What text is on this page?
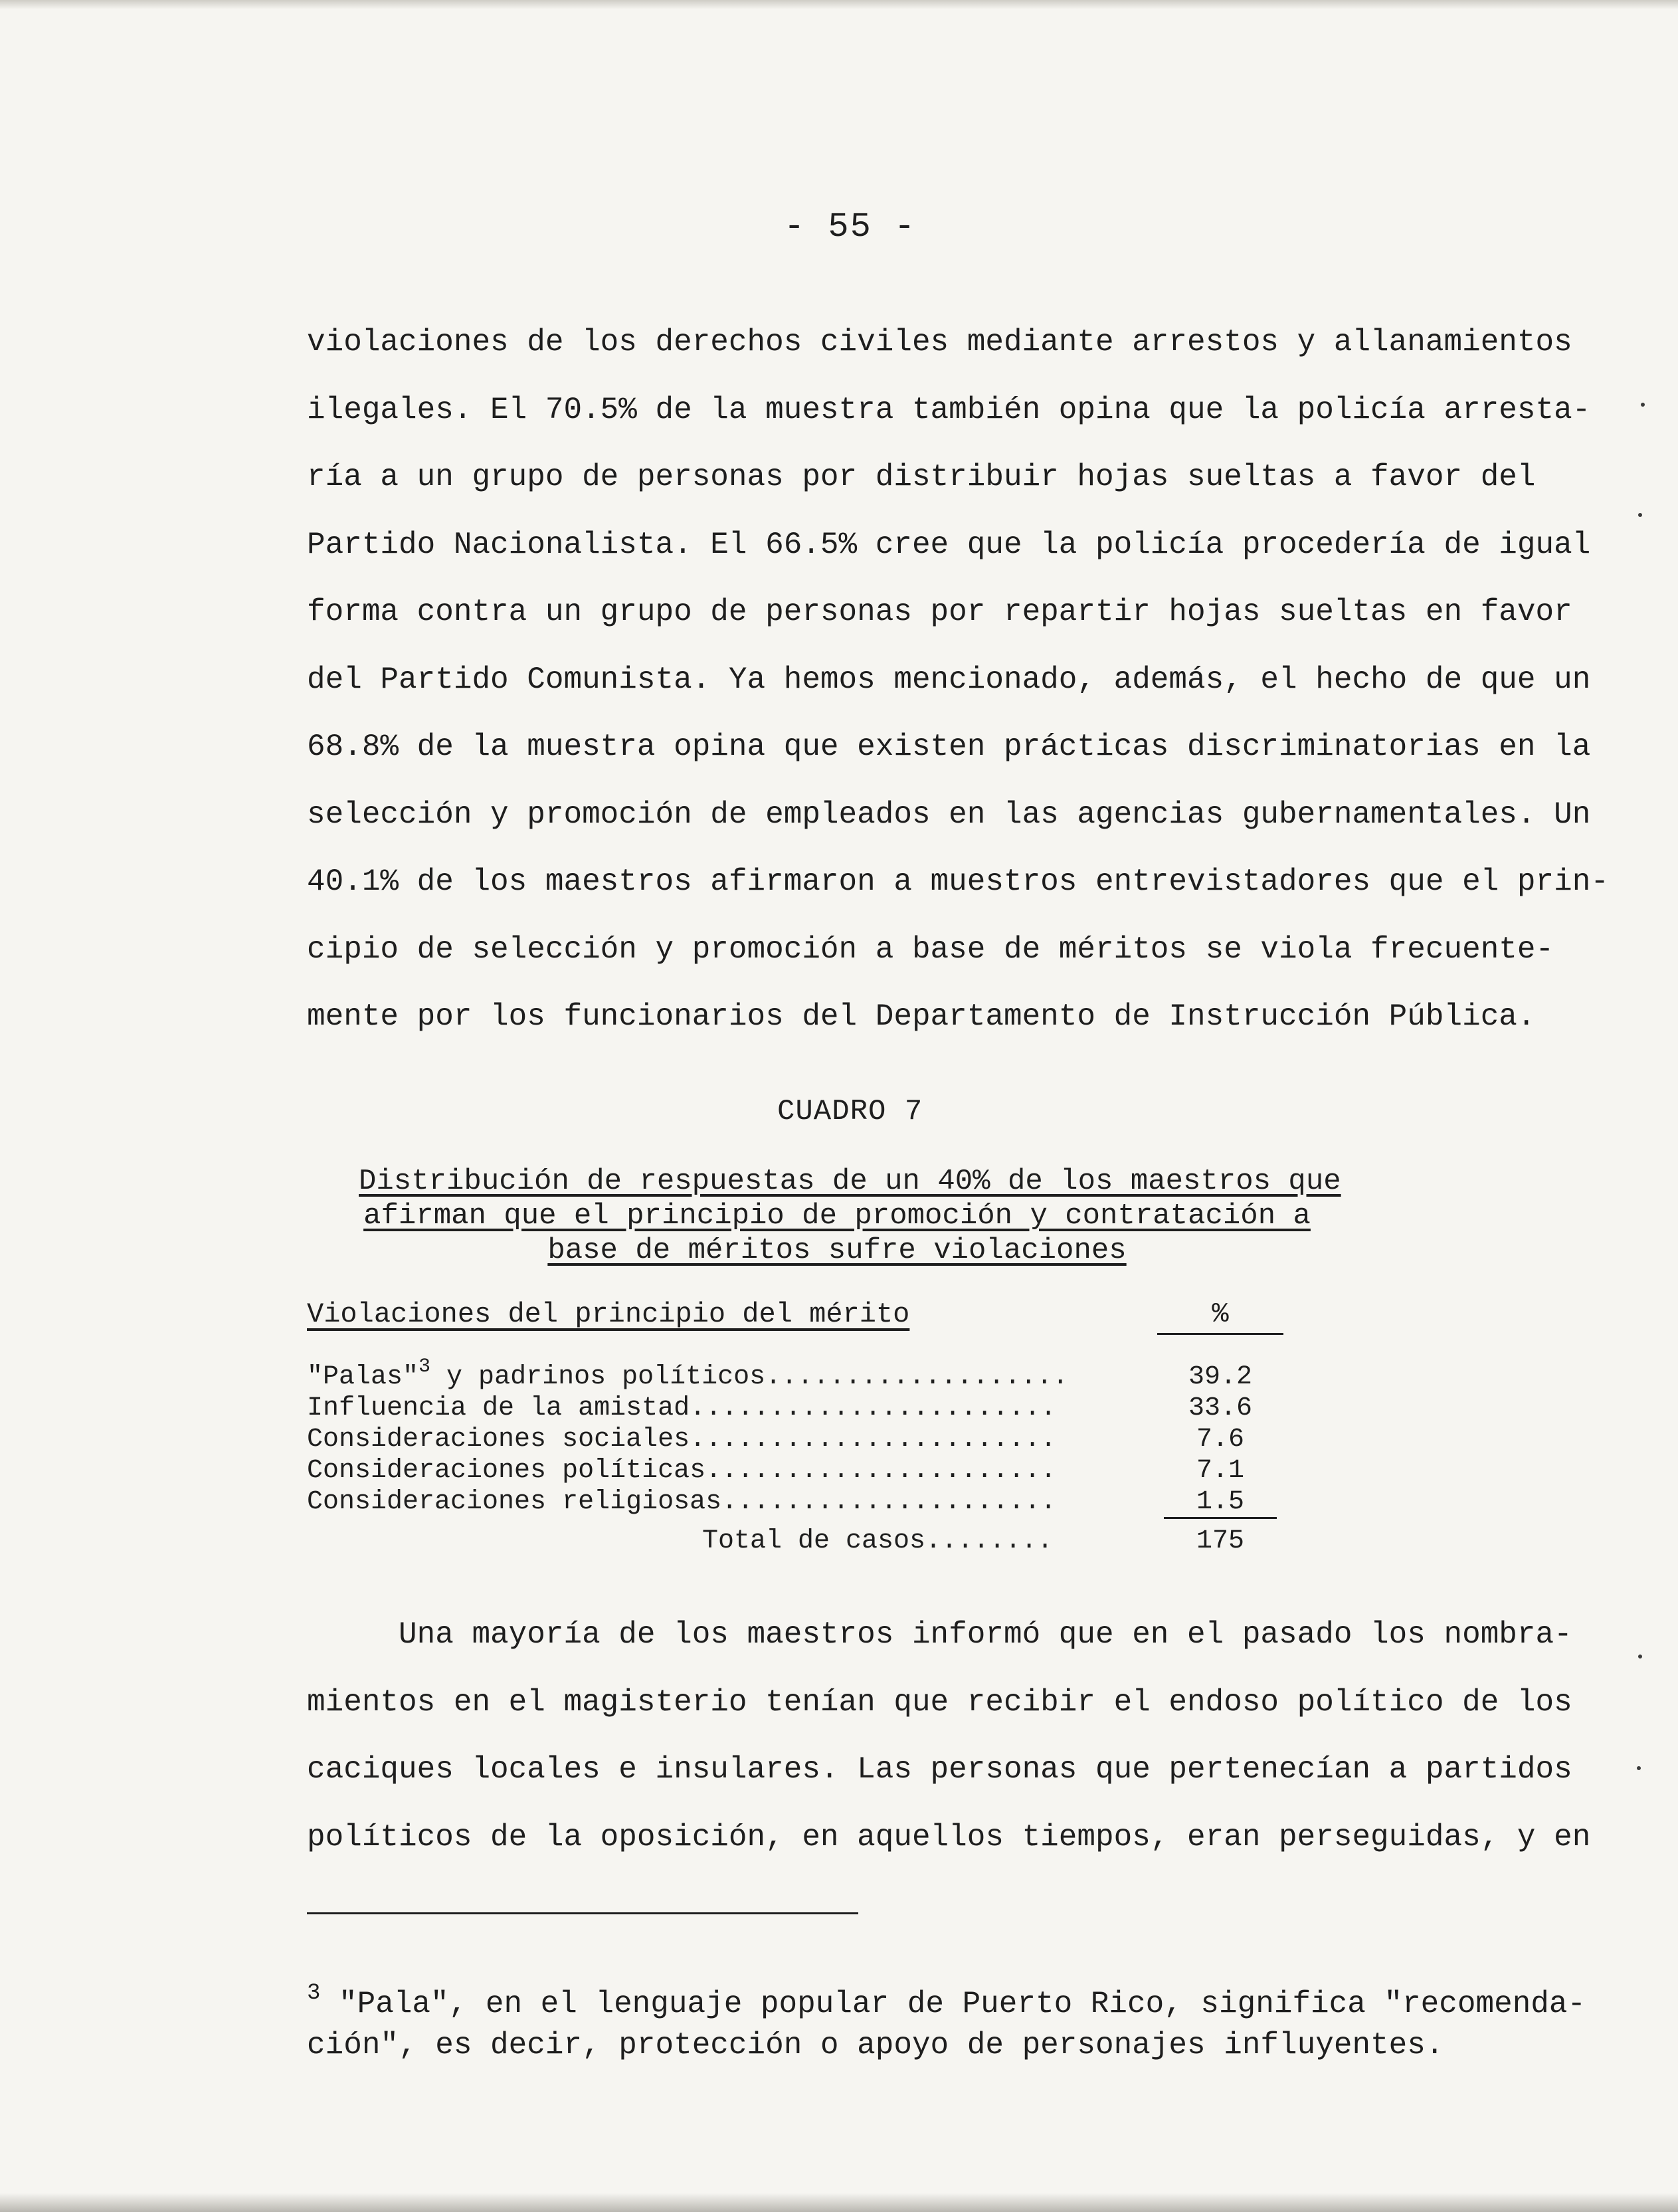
- 55 -
violaciones de los derechos civiles mediante arrestos y allanamientos
ilegales. El 70.5% de la muestra también opina que la policía arresta-
ría a un grupo de personas por distribuir hojas sueltas a favor del
Partido Nacionalista. El 66.5% cree que la policía procedería de igual
forma contra un grupo de personas por repartir hojas sueltas en favor
del Partido Comunista. Ya hemos mencionado, además, el hecho de que un
68.8% de la muestra opina que existen prácticas discriminatorias en la
selección y promoción de empleados en las agencias gubernamentales. Un
40.1% de los maestros afirmaron a muestros entrevistadores que el prin-
cipio de selección y promoción a base de méritos se viola frecuente-
mente por los funcionarios del Departamento de Instrucción Pública.
CUADRO 7
Distribución de respuestas de un 40% de los maestros que
afirman que el principio de promoción y contratación a
base de méritos sufre violaciones
Violaciones del principio del mérito	%
"Palas"$^3$ y padrinos políticos...................	39.2
Influencia de la amistad.......................	33.6
Consideraciones sociales.......................	7.6
Consideraciones políticas......................	7.1
Consideraciones religiosas.....................	1.5
Total de casos........	175
Una mayoría de los maestros informó que en el pasado los nombra-
mientos en el magisterio tenían que recibir el endoso político de los
caciques locales e insulares. Las personas que pertenecían a partidos
políticos de la oposición, en aquellos tiempos, eran perseguidas, y en
$^3$ "Pala", en el lenguaje popular de Puerto Rico, significa "recomenda-
ción", es decir, protección o apoyo de personajes influyentes.
